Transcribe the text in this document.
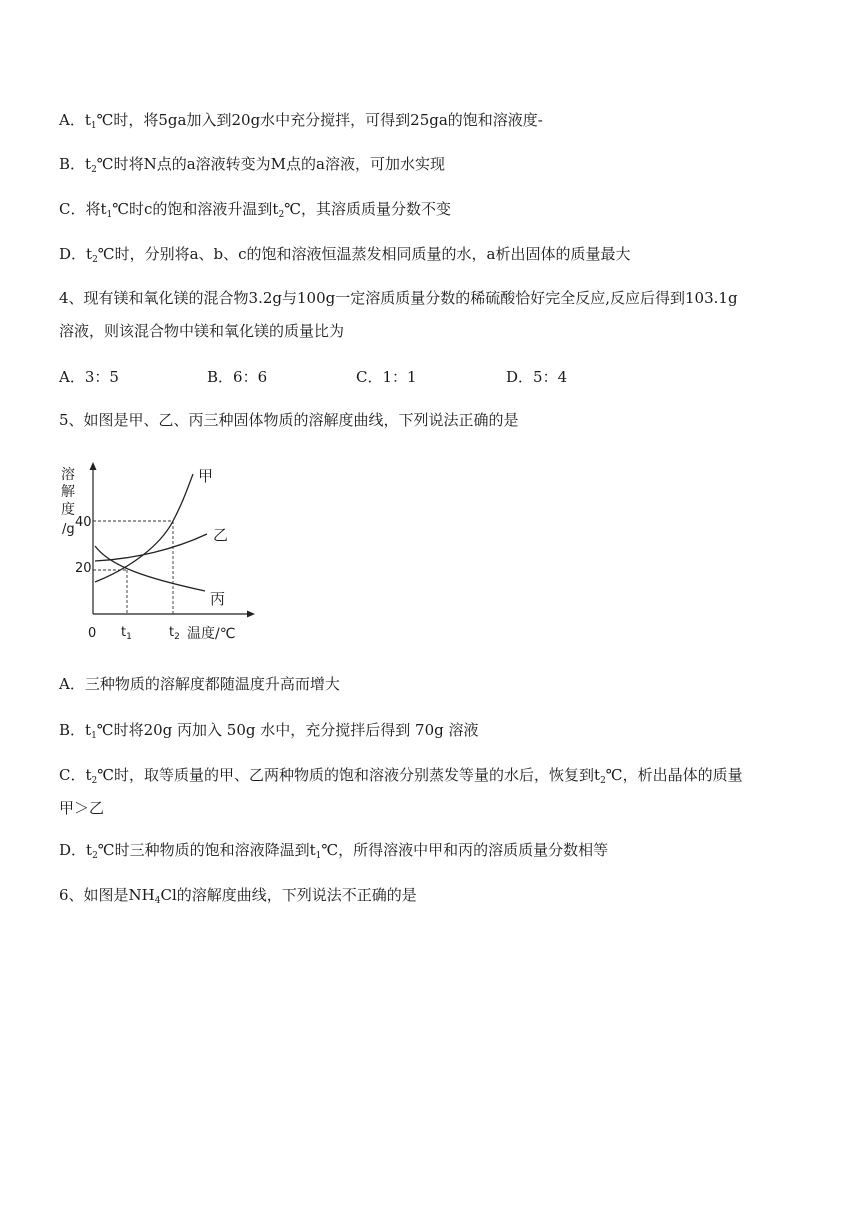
A．$t_1℃$时，将5ga加入到20g水中充分搅拌，可得到25ga的饱和溶液度-
B．$t_2℃$时将N点的a溶液转变为M点的a溶液，可加水实现
C．将$t_1℃$时c的饱和溶液升温到$t_2℃$，其溶质质量分数不变
D．$t_2℃$时，分别将a、b、c的饱和溶液恒温蒸发相同质量的水，a析出固体的质量最大
4、现有镁和氧化镁的混合物3.2g与100g一定溶质质量分数的稀硫酸恰好完全反应,反应后得到103.1g
溶液，则该混合物中镁和氧化镁的质量比为
A．3：5	B．6：6	C．1：1	D．5：4
5、如图是甲、乙、丙三种固体物质的溶解度曲线，下列说法正确的是
溶
解
度
/g 40
20
0 $t_1$	$t_2$ 温度/℃
甲
乙
丙
A．三种物质的溶解度都随温度升高而增大
B．$t_1℃$时将20g 丙加入 50g 水中，充分搅拌后得到 70g 溶液
C．$t_2℃$时，取等质量的甲、乙两种物质的饱和溶液分别蒸发等量的水后，恢复到$t_2℃$，析出晶体的质量
甲＞乙
D．$t_2℃$时三种物质的饱和溶液降温到$t_1℃$，所得溶液中甲和丙的溶质质量分数相等
6、如图是$NH_4Cl$的溶解度曲线，下列说法不正确的是
